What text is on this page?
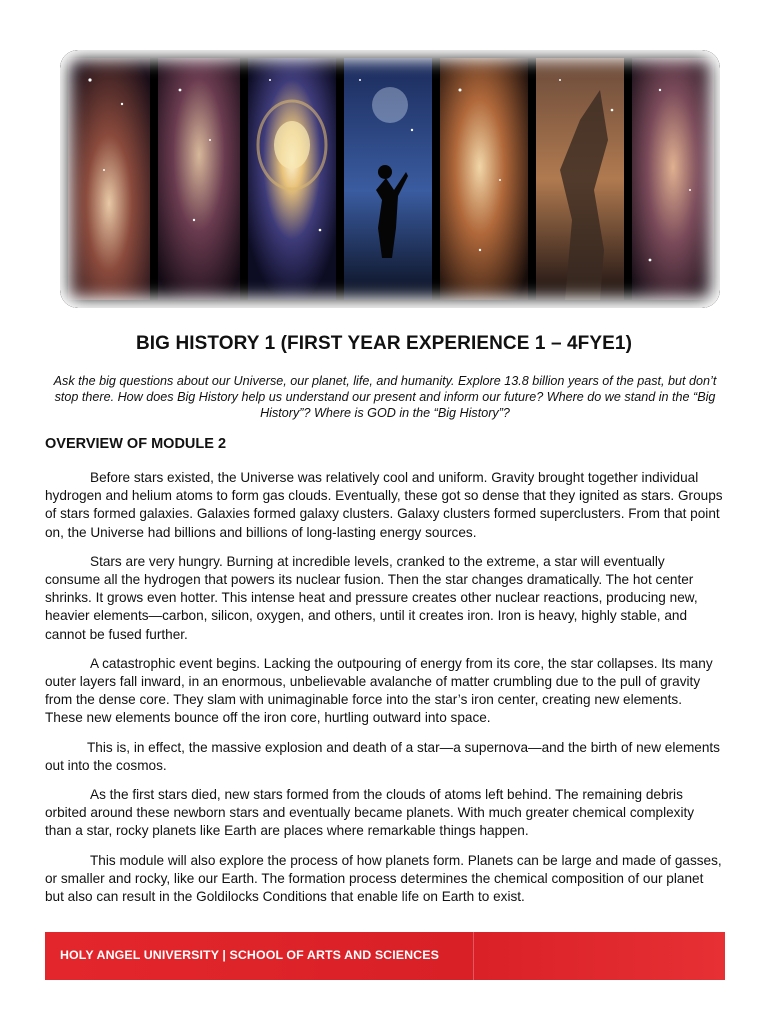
BIG HISTORY 1 (FIRST YEAR EXPERIENCE 1 – 4FYE1)
Ask the big questions about our Universe, our planet, life, and humanity. Explore 13.8 billion years of the past, but don’t stop there. How does Big History help us understand our present and inform our future? Where do we stand in the “Big History”? Where is GOD in the “Big History”?
OVERVIEW OF MODULE 2

Before stars existed, the Universe was relatively cool and uniform. Gravity brought together individual hydrogen and helium atoms to form gas clouds. Eventually, these got so dense that they ignited as stars. Groups of stars formed galaxies. Galaxies formed galaxy clusters. Galaxy clusters formed superclusters. From that point on, the Universe had billions and billions of long-lasting energy sources.

Stars are very hungry. Burning at incredible levels, cranked to the extreme, a star will eventually consume all the hydrogen that powers its nuclear fusion. Then the star changes dramatically. The hot center shrinks. It grows even hotter. This intense heat and pressure creates other nuclear reactions, producing new, heavier elements—carbon, silicon, oxygen, and others, until it creates iron. Iron is heavy, highly stable, and cannot be fused further.

A catastrophic event begins. Lacking the outpouring of energy from its core, the star collapses. Its many outer layers fall inward, in an enormous, unbelievable avalanche of matter crumbling due to the pull of gravity from the dense core. They slam with unimaginable force into the star’s iron center, creating new elements. These new elements bounce off the iron core, hurtling outward into space.

This is, in effect, the massive explosion and death of a star—a supernova—and the birth of new elements out into the cosmos.

As the first stars died, new stars formed from the clouds of atoms left behind. The remaining debris orbited around these newborn stars and eventually became planets. With much greater chemical complexity than a star, rocky planets like Earth are places where remarkable things happen.

This module will also explore the process of how planets form. Planets can be large and made of gasses, or smaller and rocky, like our Earth. The formation process determines the chemical composition of our planet but also can result in the Goldilocks Conditions that enable life on Earth to exist.

HOLY ANGEL UNIVERSITY | SCHOOL OF ARTS AND SCIENCES
